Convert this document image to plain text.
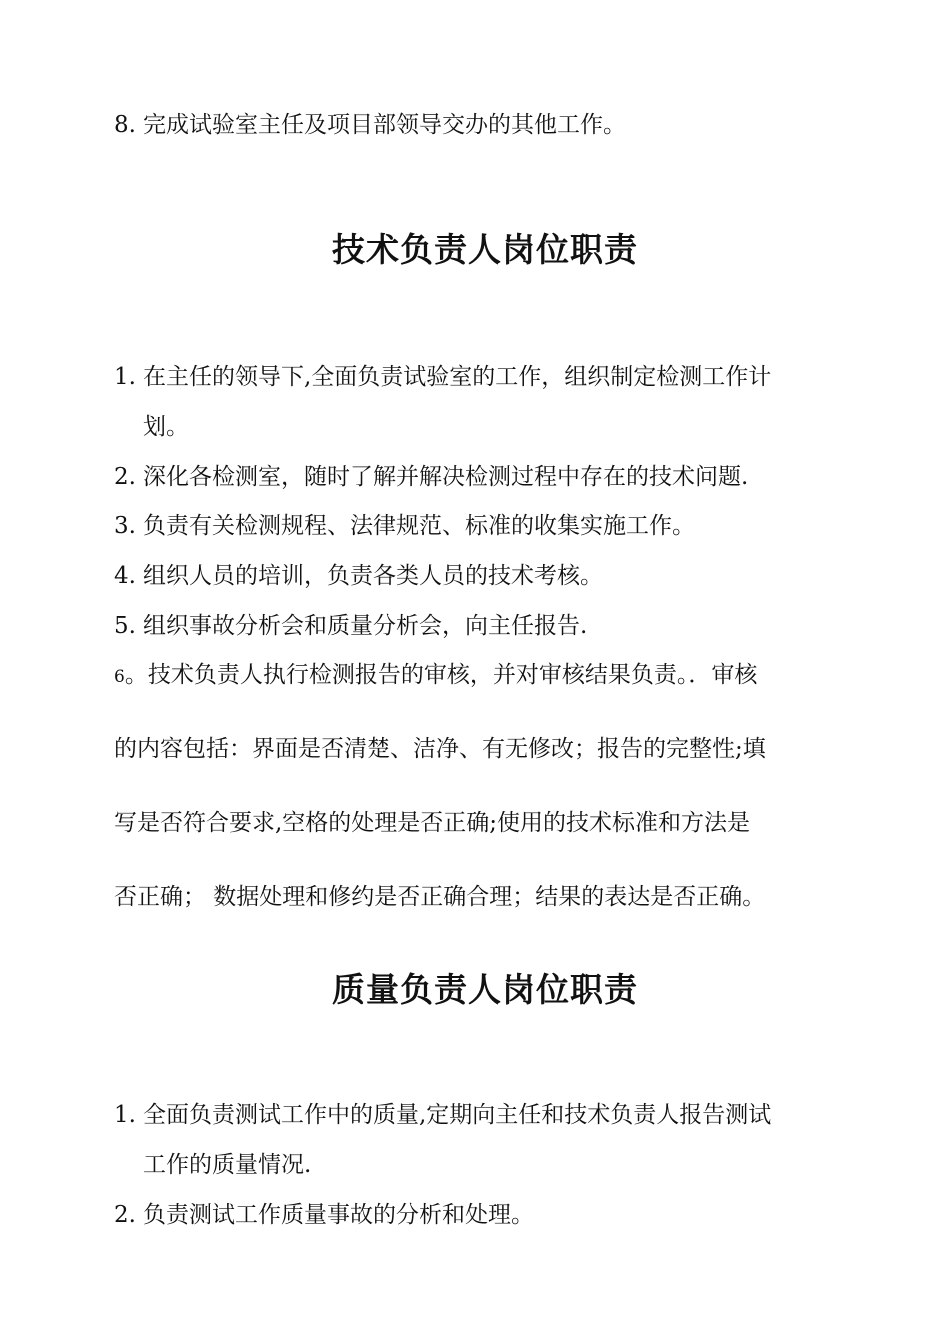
8. 完成试验室主任及项目部领导交办的其他工作。
技术负责人岗位职责
1. 在主任的领导下,全面负责试验室的工作，组织制定检测工作计
划。
2. 深化各检测室，随时了解并解决检测过程中存在的技术问题.
3. 负责有关检测规程、法律规范、标准的收集实施工作。
4. 组织人员的培训，负责各类人员的技术考核。
5. 组织事故分析会和质量分析会，向主任报告.
6。技术负责人执行检测报告的审核，并对审核结果负责。．审核
的内容包括：界面是否清楚、洁净、有无修改；报告的完整性;填
写是否符合要求,空格的处理是否正确;使用的技术标准和方法是
否正确； 数据处理和修约是否正确合理；结果的表达是否正确。
质量负责人岗位职责
1. 全面负责测试工作中的质量,定期向主任和技术负责人报告测试
工作的质量情况.
2. 负责测试工作质量事故的分析和处理。
